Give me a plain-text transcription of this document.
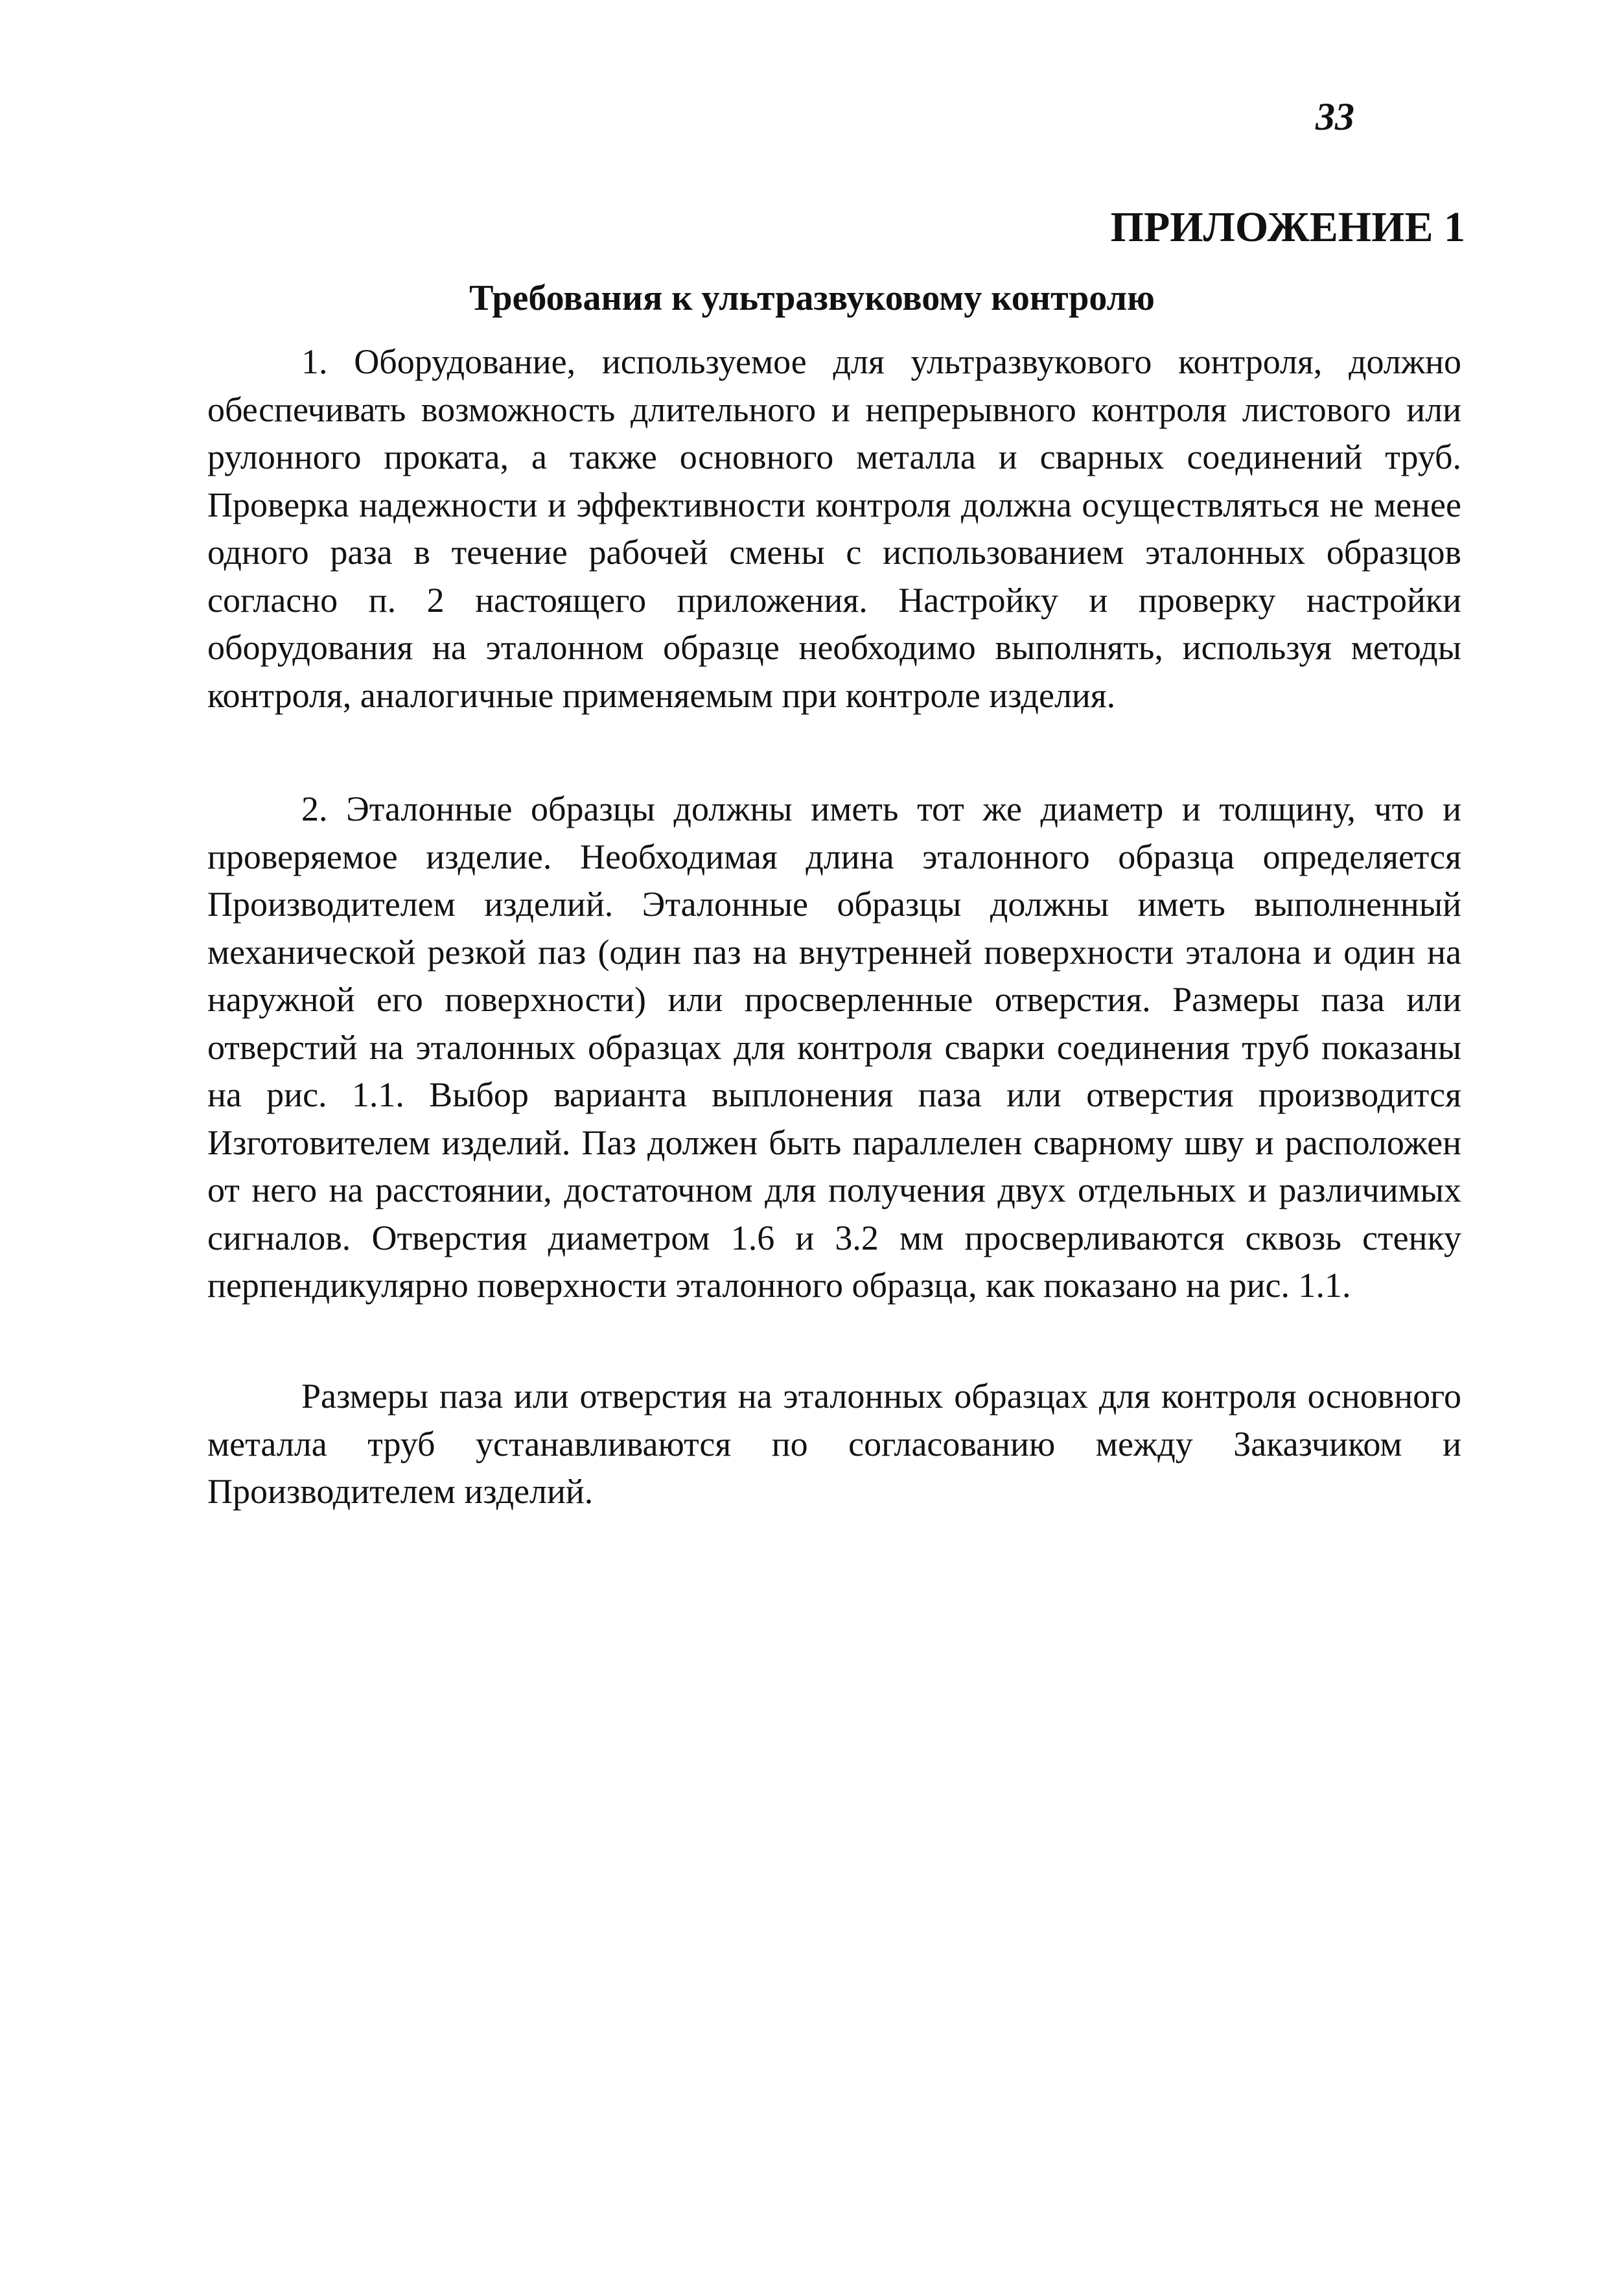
33
ПРИЛОЖЕНИЕ 1
Требования к ультразвуковому контролю

1. Оборудование, используемое для ультразвукового контроля, должно обеспечивать возможность длительного и непрерывного контроля листового или рулонного проката, а также основного металла и сварных соединений труб. Проверка надежности и эффективности контроля должна осуществляться не менее одного раза в течение рабочей смены с использованием эталонных образцов согласно п. 2 настоящего приложения. Настройку и проверку настройки оборудования на эталонном образце необходимо выполнять, используя методы контроля, аналогичные применяемым при контроле изделия.

2. Эталонные образцы должны иметь тот же диаметр и толщину, что и проверяемое изделие. Необходимая длина эталонного образца определяется Производителем изделий. Эталонные образцы должны иметь выполненный механической резкой паз (один паз на внутренней поверхности эталона и один на наружной его поверхности) или просверленные отверстия. Размеры паза или отверстий на эталонных образцах для контроля сварки соединения труб показаны на рис. 1.1. Выбор варианта выплонения паза или отверстия производится Изготовителем изделий. Паз должен быть параллелен сварному шву и расположен от него на расстоянии, достаточном для получения двух отдельных и различимых сигналов. Отверстия диаметром 1.6 и 3.2 мм просверливаются сквозь стенку перпендикулярно поверхности эталонного образца, как показано на рис. 1.1.

Размеры паза или отверстия на эталонных образцах для контроля основного металла труб устанавливаются по согласованию между Заказчиком и Производителем изделий.
